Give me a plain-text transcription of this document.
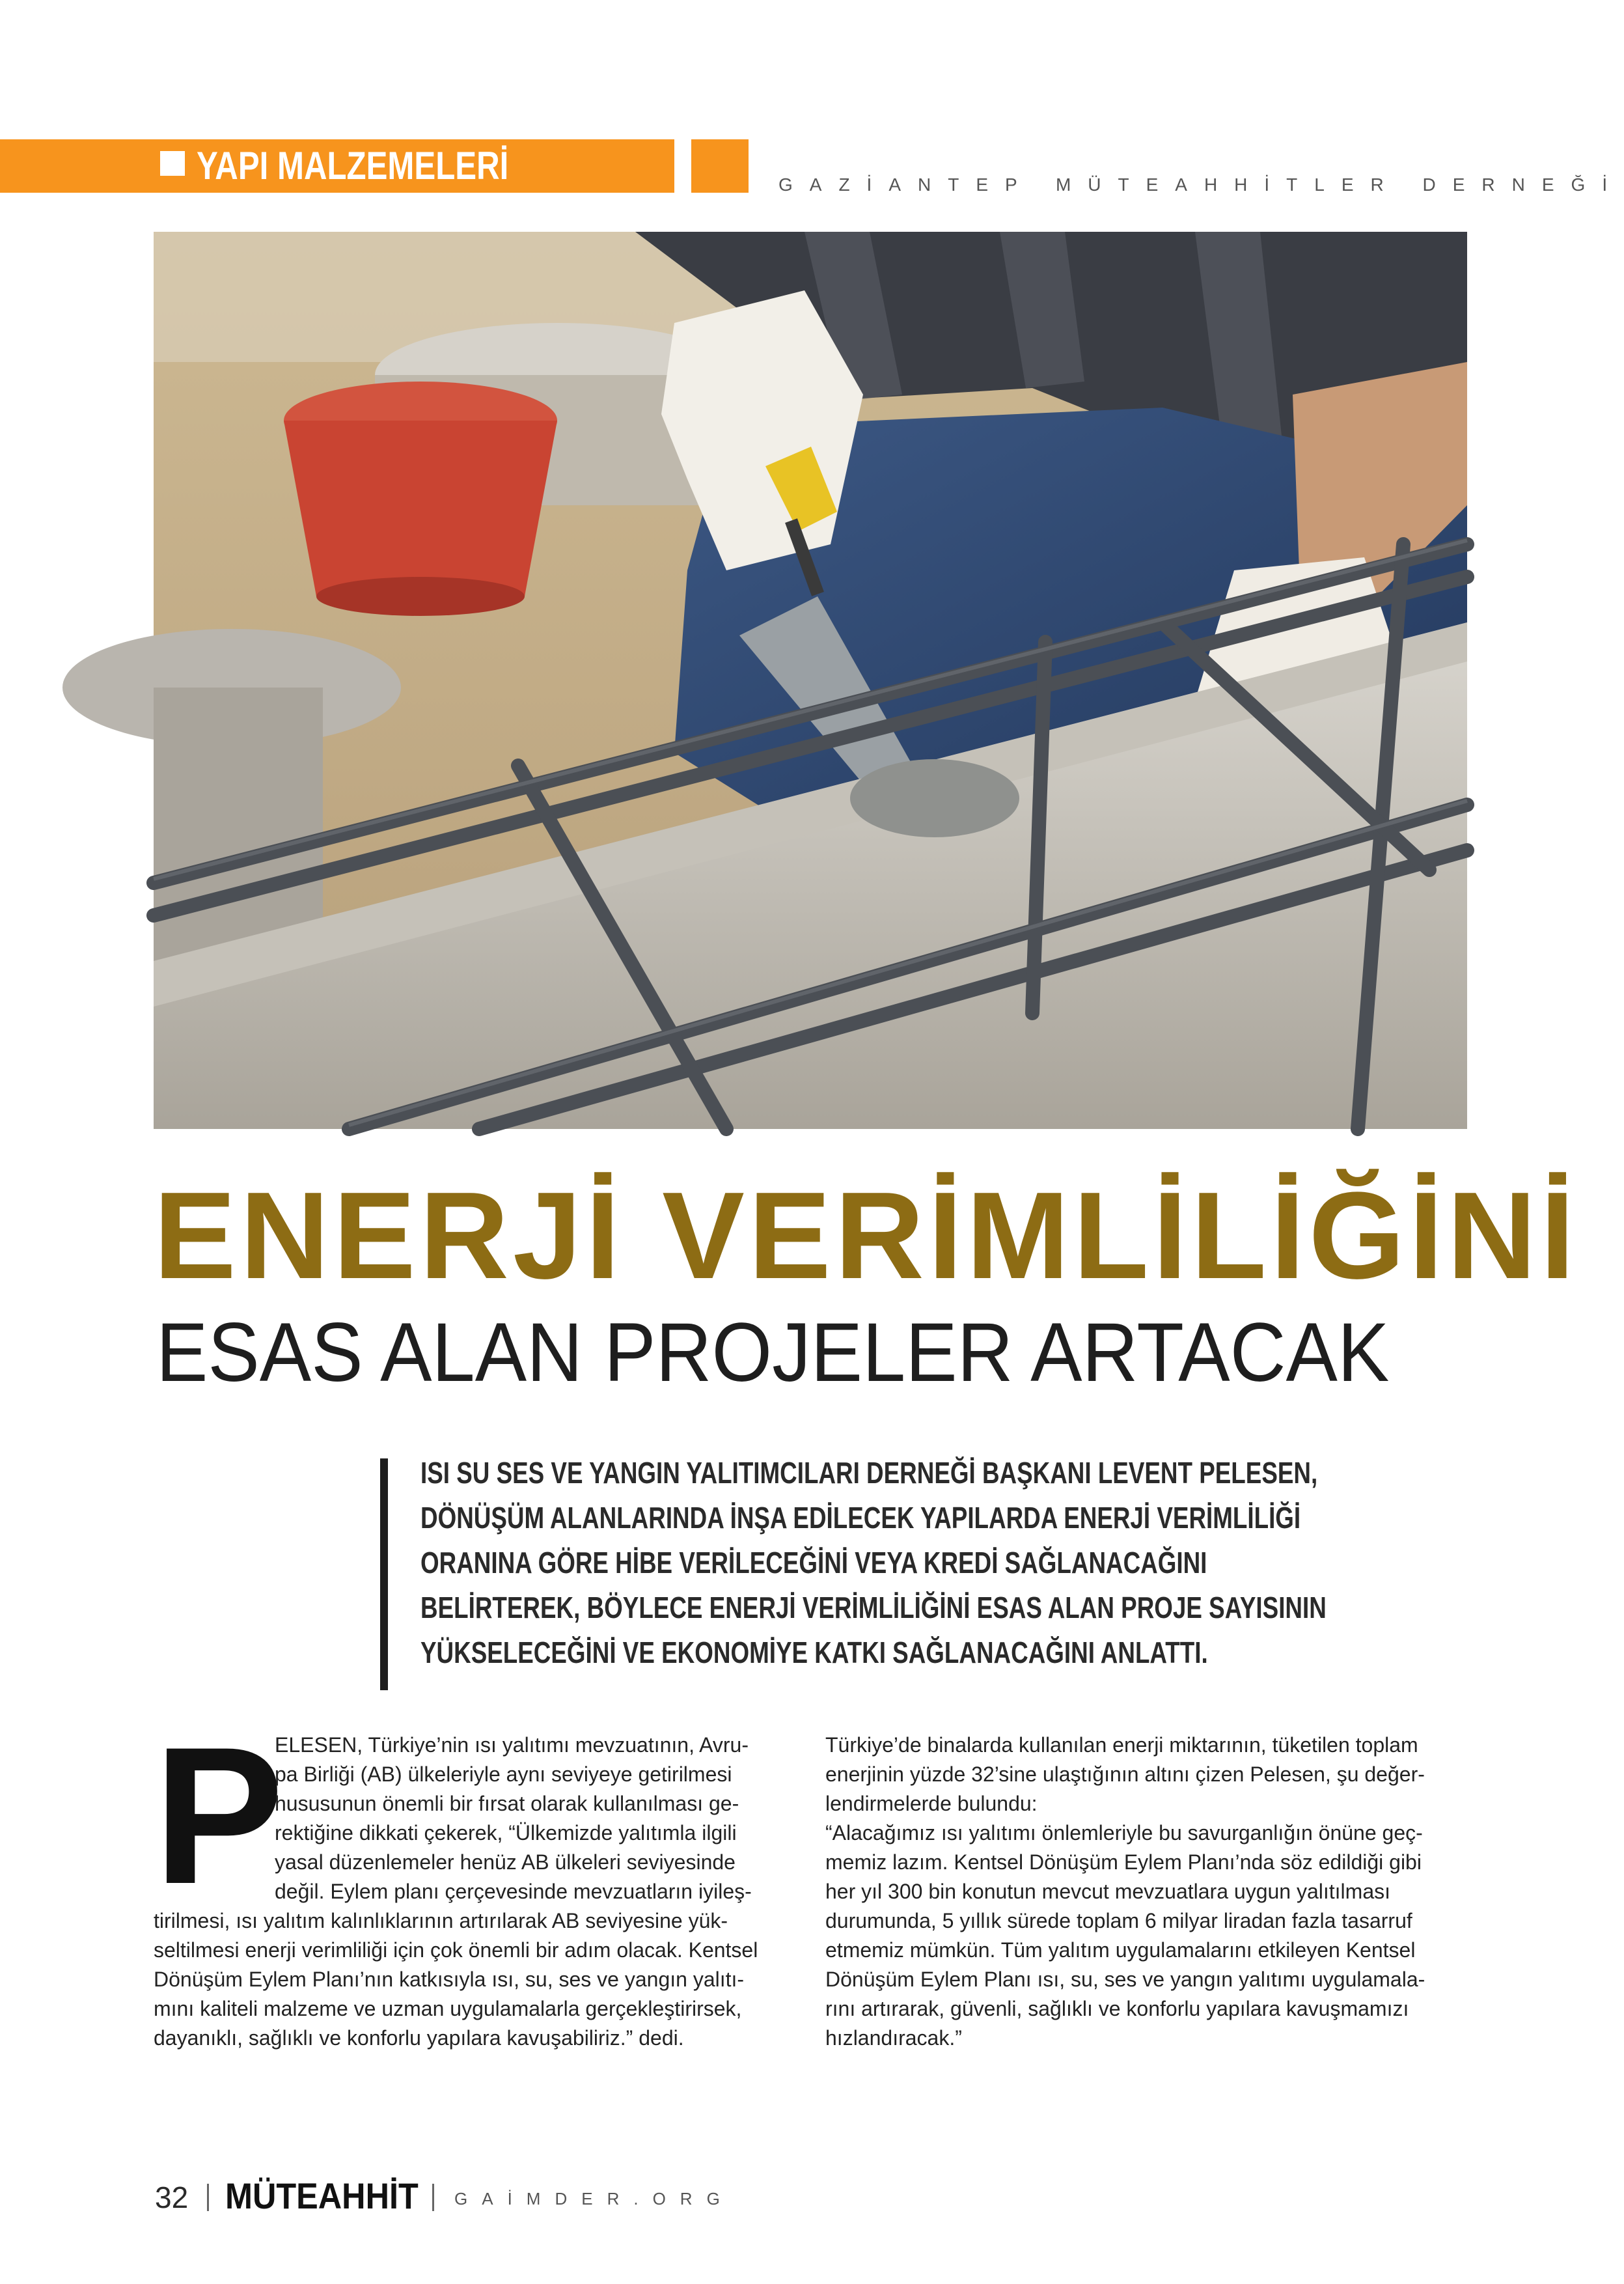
YAPI MALZEMELERİ	GAZİANTEP MÜTEAHHİTLER DERNEĞİ
ENERJİ VERİMLİLİĞİNİ
ESAS ALAN PROJELER ARTACAK
ISI SU SES VE YANGIN YALITIMCILARI DERNEĞİ BAŞKANI LEVENT PELESEN,
DÖNÜŞÜM ALANLARINDA İNŞA EDİLECEK YAPILARDA ENERJİ VERİMLİLİĞİ
ORANINA GÖRE HİBE VERİLECEĞİNİ VEYA KREDİ SAĞLANACAĞINI
BELİRTEREK, BÖYLECE ENERJİ VERİMLİLİĞİNİ ESAS ALAN PROJE SAYISININ
YÜKSELECEĞİNİ VE EKONOMİYE KATKI SAĞLANACAĞINI ANLATTI.
P
ELESEN, Türkiye’nin ısı yalıtımı mevzuatının, Avru-
pa Birliği (AB) ülkeleriyle aynı seviyeye getirilmesi
hususunun önemli bir fırsat olarak kullanılması ge-
rektiğine dikkati çekerek, “Ülkemizde yalıtımla ilgili
yasal düzenlemeler henüz AB ülkeleri seviyesinde
değil. Eylem planı çerçevesinde mevzuatların iyileş-
tirilmesi, ısı yalıtım kalınlıklarının artırılarak AB seviyesine yük-
seltilmesi enerji verimliliği için çok önemli bir adım olacak. Kentsel
Dönüşüm Eylem Planı’nın katkısıyla ısı, su, ses ve yangın yalıtı-
mını kaliteli malzeme ve uzman uygulamalarla gerçekleştirirsek,
dayanıklı, sağlıklı ve konforlu yapılara kavuşabiliriz.” dedi.
Türkiye’de binalarda kullanılan enerji miktarının, tüketilen toplam
enerjinin yüzde 32’sine ulaştığının altını çizen Pelesen, şu değer-
lendirmelerde bulundu:
“Alacağımız ısı yalıtımı önlemleriyle bu savurganlığın önüne geç-
memiz lazım. Kentsel Dönüşüm Eylem Planı’nda söz edildiği gibi
her yıl 300 bin konutun mevcut mevzuatlara uygun yalıtılması
durumunda, 5 yıllık sürede toplam 6 milyar liradan fazla tasarruf
etmemiz mümkün. Tüm yalıtım uygulamalarını etkileyen Kentsel
Dönüşüm Eylem Planı ısı, su, ses ve yangın yalıtımı uygulamala-
rını artırarak, güvenli, sağlıklı ve konforlu yapılara kavuşmamızı
hızlandıracak.”
32 MÜTEAHHİT GAİMDER.ORG
